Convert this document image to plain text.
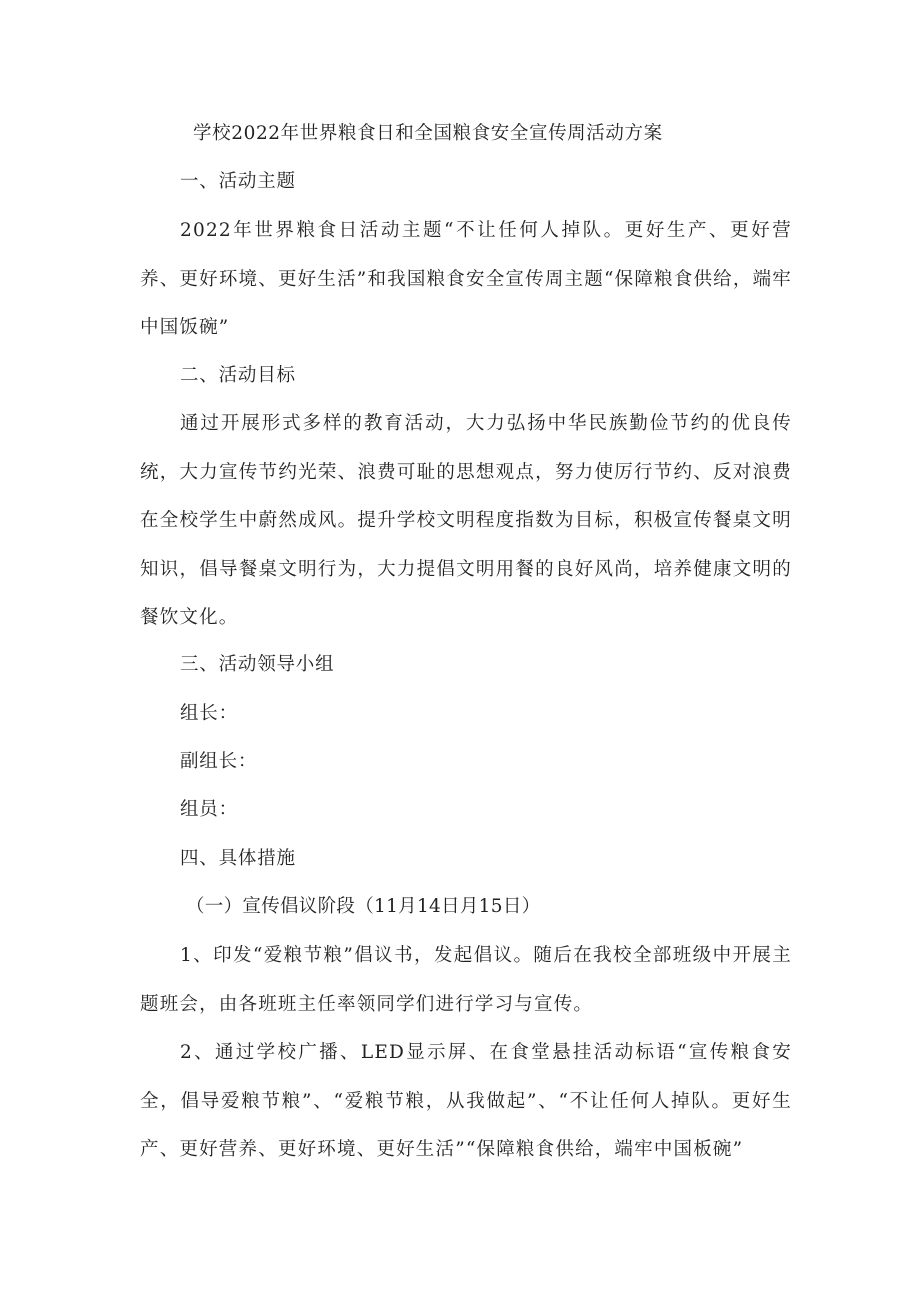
学校2022年世界粮食日和全国粮食安全宣传周活动方案
一、活动主题
2022年世界粮食日活动主题“不让任何人掉队。更好生产、更好营养、更好环境、更好生活”和我国粮食安全宣传周主题“保障粮食供给，端牢中国饭碗”
二、活动目标
通过开展形式多样的教育活动，大力弘扬中华民族勤俭节约的优良传统，大力宣传节约光荣、浪费可耻的思想观点，努力使厉行节约、反对浪费在全校学生中蔚然成风。提升学校文明程度指数为目标，积极宣传餐桌文明知识，倡导餐桌文明行为，大力提倡文明用餐的良好风尚，培养健康文明的餐饮文化。
三、活动领导小组
组长：
副组长：
组员：
四、具体措施
（一）宣传倡议阶段（11月14日月15日）
1、印发“爱粮节粮”倡议书，发起倡议。随后在我校全部班级中开展主题班会，由各班班主任率领同学们进行学习与宣传。
2、通过学校广播、LED显示屏、在食堂悬挂活动标语“宣传粮食安全，倡导爱粮节粮”、“爱粮节粮，从我做起”、“不让任何人掉队。更好生产、更好营养、更好环境、更好生活”“保障粮食供给，端牢中国板碗”
